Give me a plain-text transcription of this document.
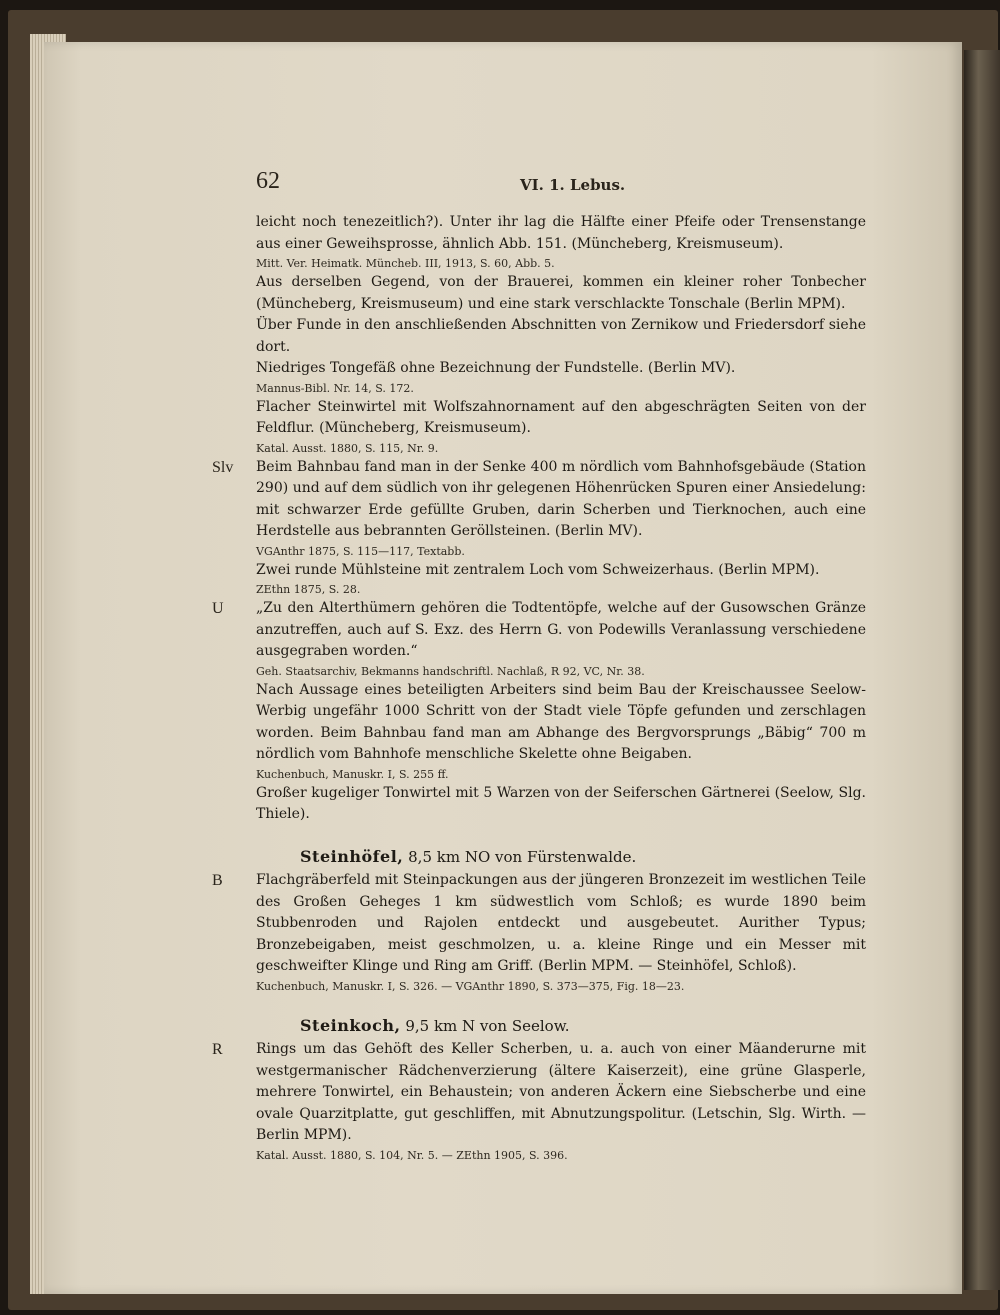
62	VI. 1. Lebus.

leicht noch tenezeitlich?). Unter ihr lag die Hälfte einer Pfeife oder Trensenstange aus einer Geweihsprosse, ähnlich Abb. 151. (Müncheberg, Kreismuseum).

Mitt. Ver. Heimatk. Müncheb. III, 1913, S. 60, Abb. 5.

Aus derselben Gegend, von der Brauerei, kommen ein kleiner roher Tonbecher (Müncheberg, Kreismuseum) und eine stark verschlackte Tonschale (Berlin MPM).

Über Funde in den anschließenden Abschnitten von Zernikow und Friedersdorf siehe dort.

Niedriges Tongefäß ohne Bezeichnung der Fundstelle. (Berlin MV).

Mannus-Bibl. Nr. 14, S. 172.

Flacher Steinwirtel mit Wolfszahnornament auf den abgeschrägten Seiten von der Feldflur. (Müncheberg, Kreismuseum).

Katal. Ausst. 1880, S. 115, Nr. 9.

Slv Beim Bahnbau fand man in der Senke 400 m nördlich vom Bahnhofsgebäude (Station 290) und auf dem südlich von ihr gelegenen Höhenrücken Spuren einer Ansiedelung: mit schwarzer Erde gefüllte Gruben, darin Scherben und Tierknochen, auch eine Herdstelle aus bebrannten Geröllsteinen. (Berlin MV).

VGAnthr 1875, S. 115—117, Textabb.

Zwei runde Mühlsteine mit zentralem Loch vom Schweizerhaus. (Berlin MPM).

ZEthn 1875, S. 28.

U „Zu den Alterthümern gehören die Todtentöpfe, welche auf der Gusowschen Gränze anzutreffen, auch auf S. Exz. des Herrn G. von Podewills Veranlassung verschiedene ausgegraben worden.“

Geh. Staatsarchiv, Bekmanns handschriftl. Nachlaß, R 92, VC, Nr. 38.

Nach Aussage eines beteiligten Arbeiters sind beim Bau der Kreischaussee Seelow-Werbig ungefähr 1000 Schritt von der Stadt viele Töpfe gefunden und zerschlagen worden. Beim Bahnbau fand man am Abhange des Bergvorsprungs „Bäbig“ 700 m nördlich vom Bahnhofe menschliche Skelette ohne Beigaben.

Kuchenbuch, Manuskr. I, S. 255 ff.

Großer kugeliger Tonwirtel mit 5 Warzen von der Seiferschen Gärtnerei (Seelow, Slg. Thiele).

Steinhöfel, 8,5 km NO von Fürstenwalde.
B Flachgräberfeld mit Steinpackungen aus der jüngeren Bronzezeit im westlichen Teile des Großen Geheges 1 km südwestlich vom Schloß; es wurde 1890 beim Stubbenroden und Rajolen entdeckt und ausgebeutet. Aurither Typus; Bronzebeigaben, meist geschmolzen, u. a. kleine Ringe und ein Messer mit geschweifter Klinge und Ring am Griff. (Berlin MPM. — Steinhöfel, Schloß).

Kuchenbuch, Manuskr. I, S. 326. — VGAnthr 1890, S. 373—375, Fig. 18—23.

Steinkoch, 9,5 km N von Seelow.
R Rings um das Gehöft des Keller Scherben, u. a. auch von einer Mäanderurne mit westgermanischer Rädchenverzierung (ältere Kaiserzeit), eine grüne Glasperle, mehrere Tonwirtel, ein Behaustein; von anderen Äckern eine Siebscherbe und eine ovale Quarzitplatte, gut geschliffen, mit Abnutzungspolitur. (Letschin, Slg. Wirth. — Berlin MPM).

Katal. Ausst. 1880, S. 104, Nr. 5. — ZEthn 1905, S. 396.
